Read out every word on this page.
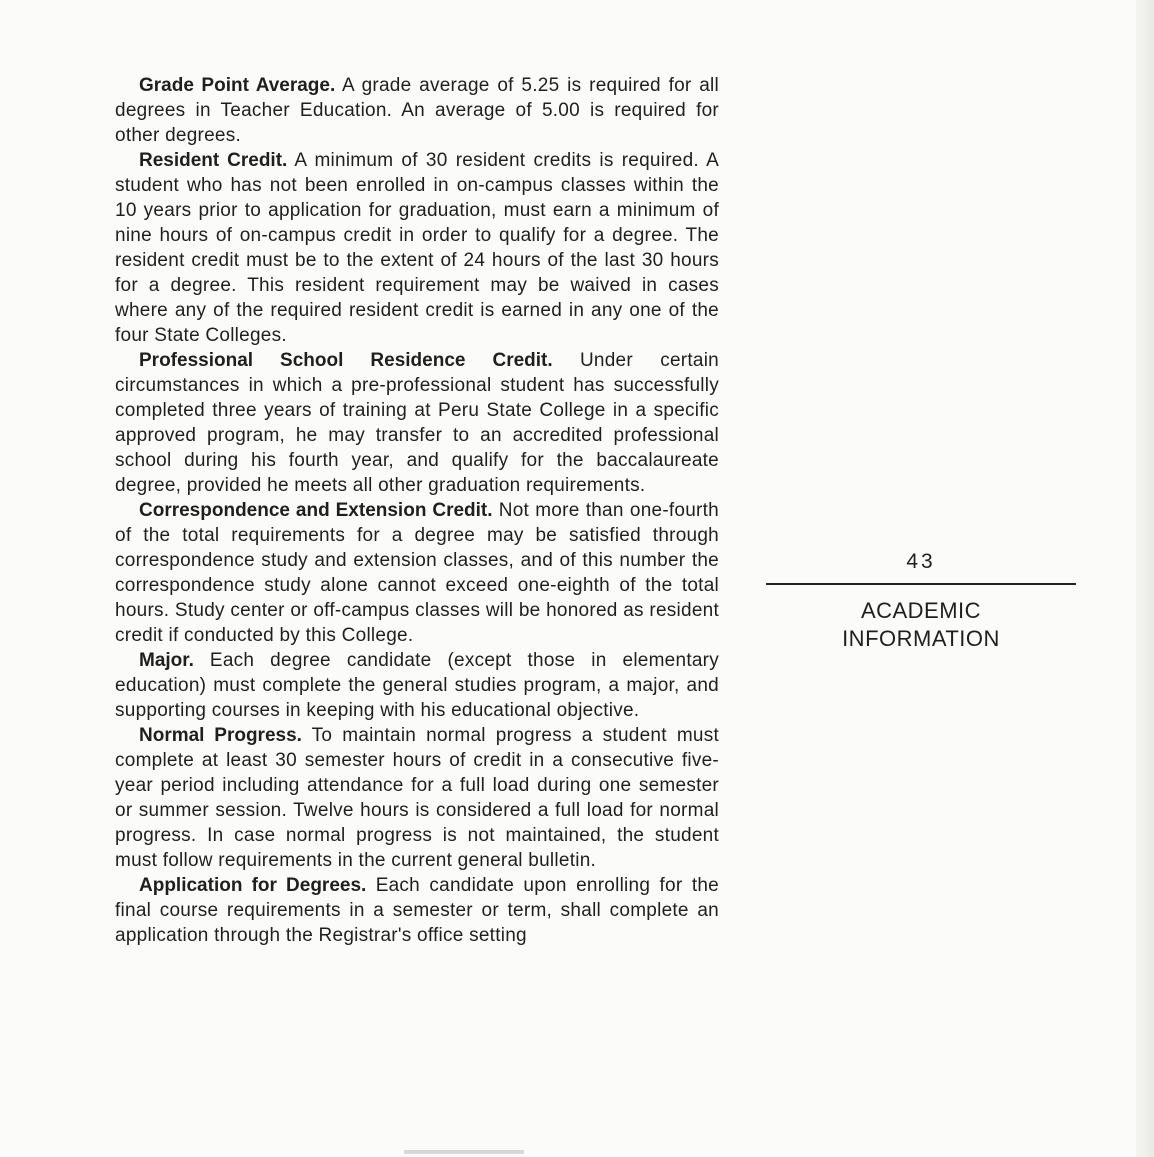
Grade Point Average. A grade average of 5.25 is required for all degrees in Teacher Education. An average of 5.00 is required for other degrees.

Resident Credit. A minimum of 30 resident credits is required. A student who has not been enrolled in on-campus classes within the 10 years prior to application for graduation, must earn a minimum of nine hours of on-campus credit in order to qualify for a degree. The resident credit must be to the extent of 24 hours of the last 30 hours for a degree. This resident requirement may be waived in cases where any of the required resident credit is earned in any one of the four State Colleges.

Professional School Residence Credit. Under certain circumstances in which a pre-professional student has successfully completed three years of training at Peru State College in a specific approved program, he may transfer to an accredited professional school during his fourth year, and qualify for the baccalaureate degree, provided he meets all other graduation requirements.

Correspondence and Extension Credit. Not more than one-fourth of the total requirements for a degree may be satisfied through correspondence study and extension classes, and of this number the correspondence study alone cannot exceed one-eighth of the total hours. Study center or off-campus classes will be honored as resident credit if conducted by this College.

Major. Each degree candidate (except those in elementary education) must complete the general studies program, a major, and supporting courses in keeping with his educational objective.

Normal Progress. To maintain normal progress a student must complete at least 30 semester hours of credit in a consecutive five-year period including attendance for a full load during one semester or summer session. Twelve hours is considered a full load for normal progress. In case normal progress is not maintained, the student must follow requirements in the current general bulletin.

Application for Degrees. Each candidate upon enrolling for the final course requirements in a semester or term, shall complete an application through the Registrar's office setting

43
ACADEMIC
INFORMATION
